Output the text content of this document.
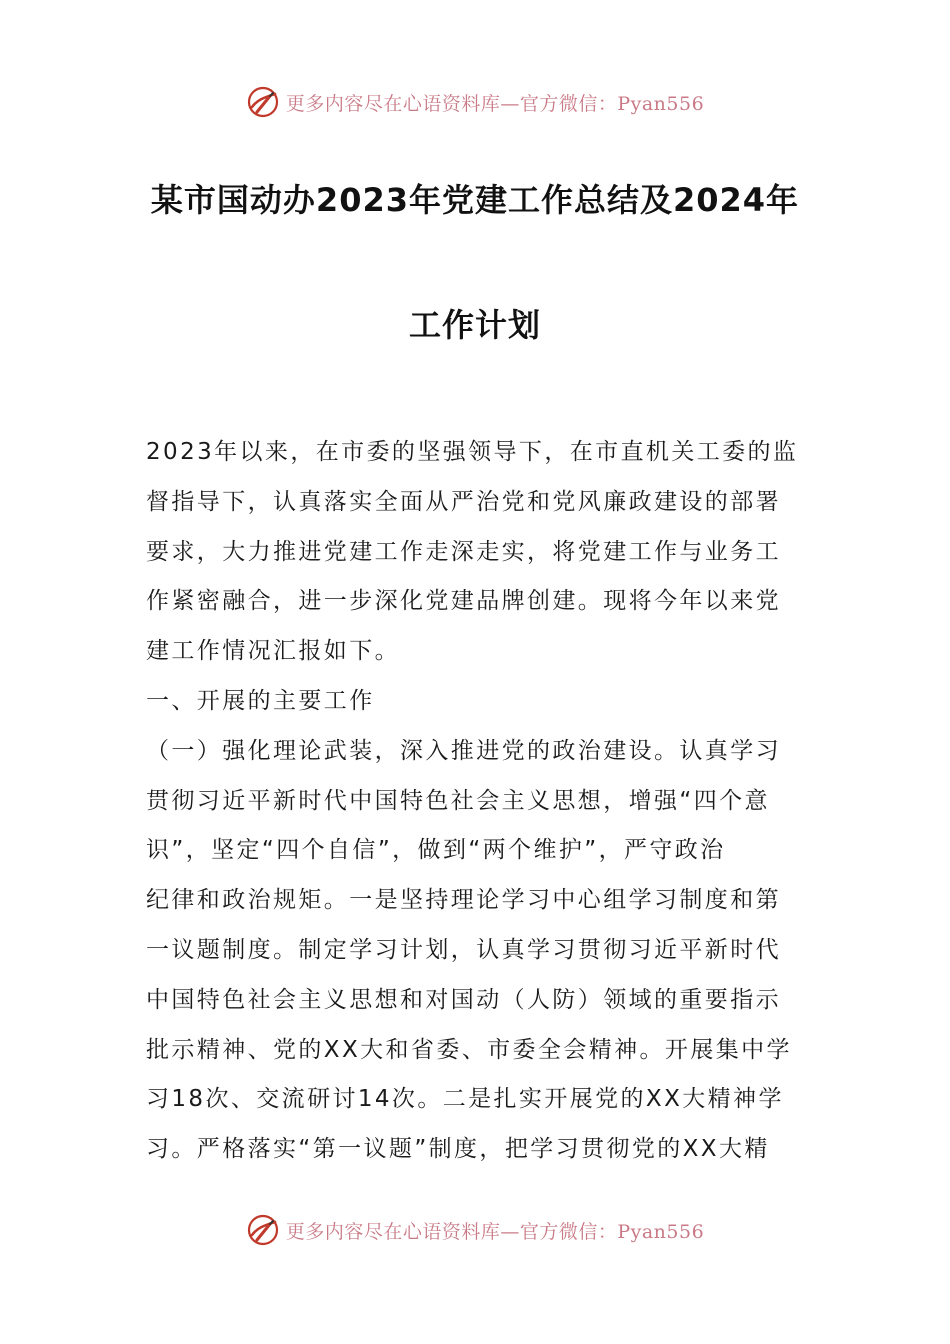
更多内容尽在心语资料库—官方微信：Pyan556
某市国动办2023年党建工作总结及2024年
工作计划
2023年以来，在市委的坚强领导下，在市直机关工委的监
督指导下，认真落实全面从严治党和党风廉政建设的部署
要求，大力推进党建工作走深走实，将党建工作与业务工
作紧密融合，进一步深化党建品牌创建。现将今年以来党
建工作情况汇报如下。
一、开展的主要工作
（一）强化理论武装，深入推进党的政治建设。认真学习
贯彻习近平新时代中国特色社会主义思想，增强“四个意
识”，坚定“四个自信”，做到“两个维护”，严守政治
纪律和政治规矩。一是坚持理论学习中心组学习制度和第
一议题制度。制定学习计划，认真学习贯彻习近平新时代
中国特色社会主义思想和对国动（人防）领域的重要指示
批示精神、党的XX大和省委、市委全会精神。开展集中学
习18次、交流研讨14次。二是扎实开展党的XX大精神学
习。严格落实“第一议题”制度，把学习贯彻党的XX大精
更多内容尽在心语资料库—官方微信：Pyan556
